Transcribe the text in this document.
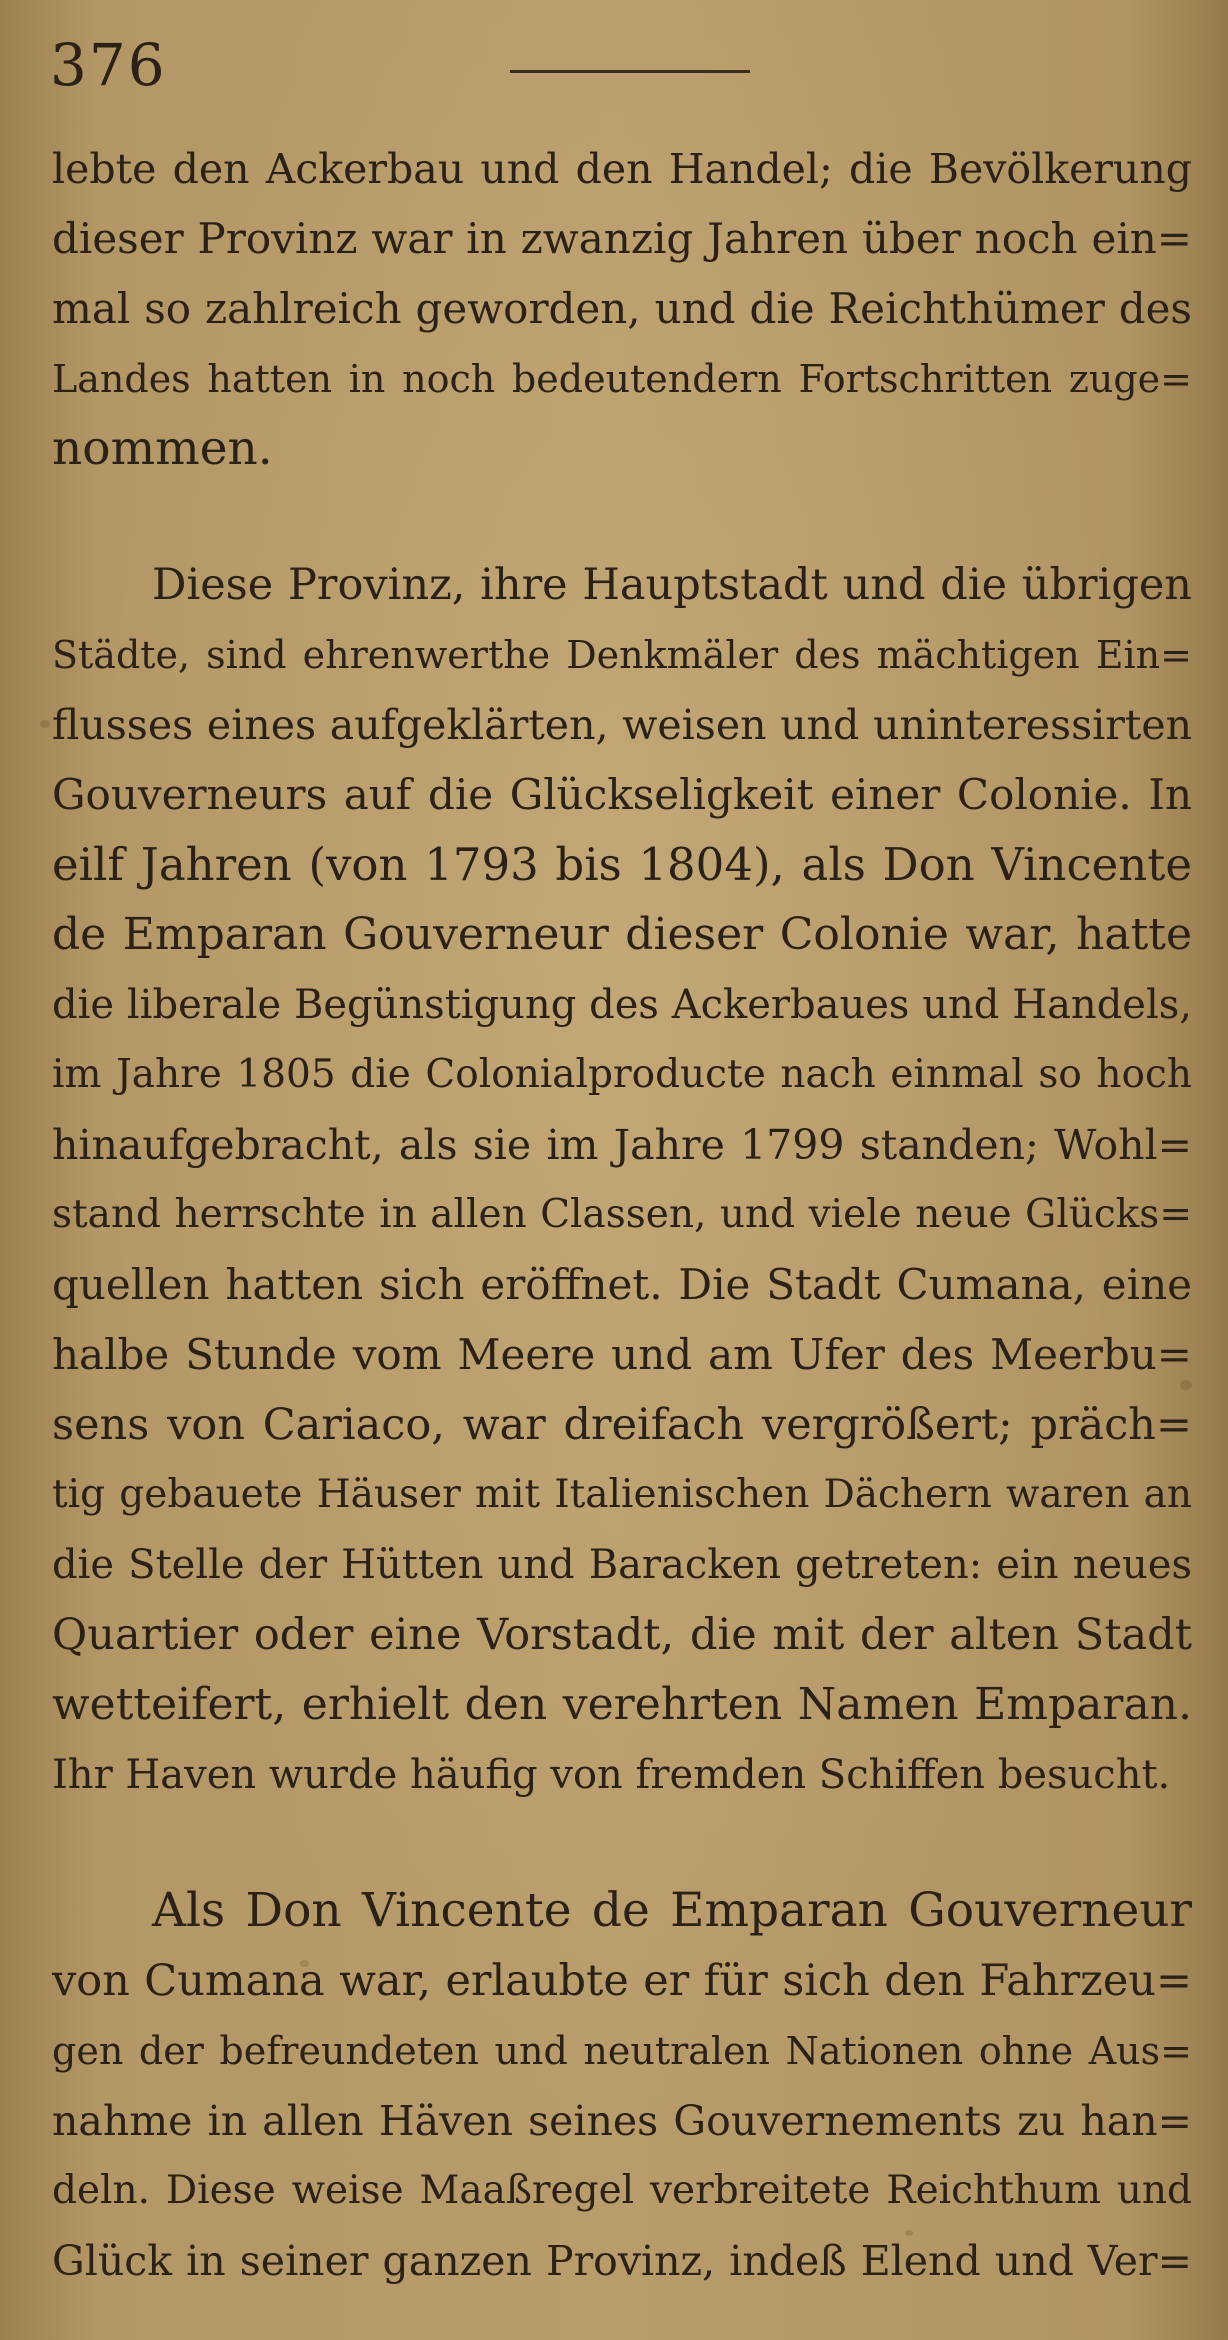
376
lebte den Ackerbau und den Handel; die Bevölkerung
dieser Provinz war in zwanzig Jahren über noch ein=
mal so zahlreich geworden, und die Reichthümer des
Landes hatten in noch bedeutendern Fortschritten zuge=
nommen.
Diese Provinz, ihre Hauptstadt und die übrigen
Städte, sind ehrenwerthe Denkmäler des mächtigen Ein=
flusses eines aufgeklärten, weisen und uninteressirten
Gouverneurs auf die Glückseligkeit einer Colonie. In
eilf Jahren (von 1793 bis 1804), als Don Vincente
de Emparan Gouverneur dieser Colonie war, hatte
die liberale Begünstigung des Ackerbaues und Handels,
im Jahre 1805 die Colonialproducte nach einmal so hoch
hinaufgebracht, als sie im Jahre 1799 standen; Wohl=
stand herrschte in allen Classen, und viele neue Glücks=
quellen hatten sich eröffnet. Die Stadt Cumana, eine
halbe Stunde vom Meere und am Ufer des Meerbu=
sens von Cariaco, war dreifach vergrößert; präch=
tig gebauete Häuser mit Italienischen Dächern waren an
die Stelle der Hütten und Baracken getreten: ein neues
Quartier oder eine Vorstadt, die mit der alten Stadt
wetteifert, erhielt den verehrten Namen Emparan.
Ihr Haven wurde häufig von fremden Schiffen besucht.
Als Don Vincente de Emparan Gouverneur
von Cumana war, erlaubte er für sich den Fahrzeu=
gen der befreundeten und neutralen Nationen ohne Aus=
nahme in allen Häven seines Gouvernements zu han=
deln. Diese weise Maaßregel verbreitete Reichthum und
Glück in seiner ganzen Provinz, indeß Elend und Ver=
